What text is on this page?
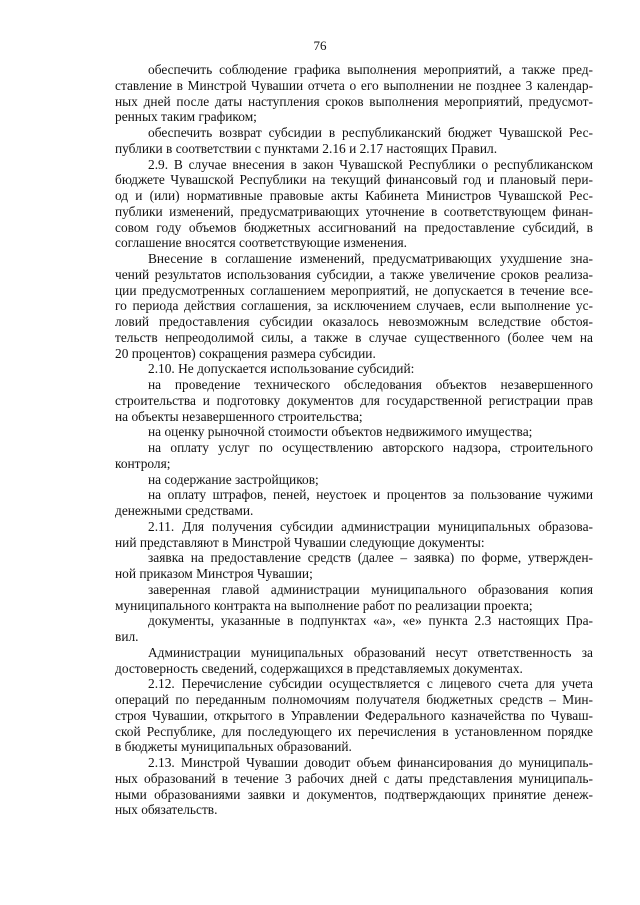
76
обеспечить соблюдение графика выполнения мероприятий, а также пред-
ставление в Минстрой Чувашии отчета о его выполнении не позднее 3 календар-
ных дней после даты наступления сроков выполнения мероприятий, предусмот-
ренных таким графиком;
обеспечить возврат субсидии в республиканский бюджет Чувашской Рес-
публики в соответствии с пунктами 2.16 и 2.17 настоящих Правил.
2.9. В случае внесения в закон Чувашской Республики о республиканском
бюджете Чувашской Республики на текущий финансовый год и плановый пери-
од и (или) нормативные правовые акты Кабинета Министров Чувашской Рес-
публики изменений, предусматривающих уточнение в соответствующем финан-
совом году объемов бюджетных ассигнований на предоставление субсидий, в
соглашение вносятся соответствующие изменения.
Внесение в соглашение изменений, предусматривающих ухудшение зна-
чений результатов использования субсидии, а также увеличение сроков реализа-
ции предусмотренных соглашением мероприятий, не допускается в течение все-
го периода действия соглашения, за исключением случаев, если выполнение ус-
ловий предоставления субсидии оказалось невозможным вследствие обстоя-
тельств непреодолимой силы, а также в случае существенного (более чем на
20 процентов) сокращения размера субсидии.
2.10. Не допускается использование субсидий:
на проведение технического обследования объектов незавершенного
строительства и подготовку документов для государственной регистрации прав
на объекты незавершенного строительства;
на оценку рыночной стоимости объектов недвижимого имущества;
на оплату услуг по осуществлению авторского надзора, строительного
контроля;
на содержание застройщиков;
на оплату штрафов, пеней, неустоек и процентов за пользование чужими
денежными средствами.
2.11. Для получения субсидии администрации муниципальных образова-
ний представляют в Минстрой Чувашии следующие документы:
заявка на предоставление средств (далее – заявка) по форме, утвержден-
ной приказом Минстроя Чувашии;
заверенная главой администрации муниципального образования копия
муниципального контракта на выполнение работ по реализации проекта;
документы, указанные в подпунктах «а», «е» пункта 2.3 настоящих Пра-
вил.
Администрации муниципальных образований несут ответственность за
достоверность сведений, содержащихся в представляемых документах.
2.12. Перечисление субсидии осуществляется с лицевого счета для учета
операций по переданным полномочиям получателя бюджетных средств – Мин-
строя Чувашии, открытого в Управлении Федерального казначейства по Чуваш-
ской Республике, для последующего их перечисления в установленном порядке
в бюджеты муниципальных образований.
2.13. Минстрой Чувашии доводит объем финансирования до муниципаль-
ных образований в течение 3 рабочих дней с даты представления муниципаль-
ными образованиями заявки и документов, подтверждающих принятие денеж-
ных обязательств.
